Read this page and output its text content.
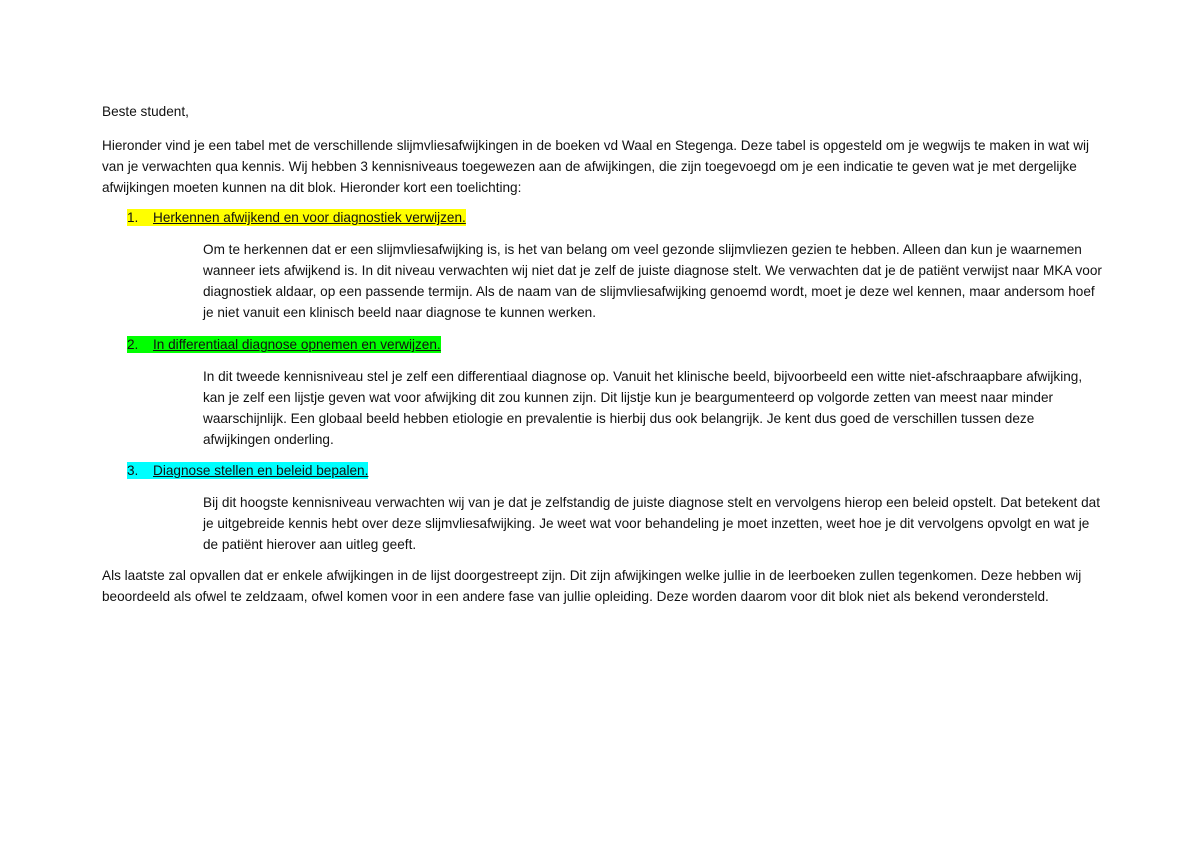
Beste student,

Hieronder vind je een tabel met de verschillende slijmvliesafwijkingen in de boeken vd Waal en Stegenga. Deze tabel is opgesteld om je wegwijs te maken in wat wij van je verwachten qua kennis. Wij hebben 3 kennisniveaus toegewezen aan de afwijkingen, die zijn toegevoegd om je een indicatie te geven wat je met dergelijke afwijkingen moeten kunnen na dit blok. Hieronder kort een toelichting:

1. Herkennen afwijkend en voor diagnostiek verwijzen.

Om te herkennen dat er een slijmvliesafwijking is, is het van belang om veel gezonde slijmvliezen gezien te hebben. Alleen dan kun je waarnemen wanneer iets afwijkend is. In dit niveau verwachten wij niet dat je zelf de juiste diagnose stelt. We verwachten dat je de patiënt verwijst naar MKA voor diagnostiek aldaar, op een passende termijn. Als de naam van de slijmvliesafwijking genoemd wordt, moet je deze wel kennen, maar andersom hoef je niet vanuit een klinisch beeld naar diagnose te kunnen werken.

2. In differentiaal diagnose opnemen en verwijzen.

In dit tweede kennisniveau stel je zelf een differentiaal diagnose op. Vanuit het klinische beeld, bijvoorbeeld een witte niet-afschraapbare afwijking, kan je zelf een lijstje geven wat voor afwijking dit zou kunnen zijn. Dit lijstje kun je beargumenteerd op volgorde zetten van meest naar minder waarschijnlijk. Een globaal beeld hebben etiologie en prevalentie is hierbij dus ook belangrijk. Je kent dus goed de verschillen tussen deze afwijkingen onderling.

3. Diagnose stellen en beleid bepalen.

Bij dit hoogste kennisniveau verwachten wij van je dat je zelfstandig de juiste diagnose stelt en vervolgens hierop een beleid opstelt. Dat betekent dat je uitgebreide kennis hebt over deze slijmvliesafwijking. Je weet wat voor behandeling je moet inzetten, weet hoe je dit vervolgens opvolgt en wat je de patiënt hierover aan uitleg geeft.

Als laatste zal opvallen dat er enkele afwijkingen in de lijst doorgestreept zijn. Dit zijn afwijkingen welke jullie in de leerboeken zullen tegenkomen. Deze hebben wij beoordeeld als ofwel te zeldzaam, ofwel komen voor in een andere fase van jullie opleiding. Deze worden daarom voor dit blok niet als bekend verondersteld.
